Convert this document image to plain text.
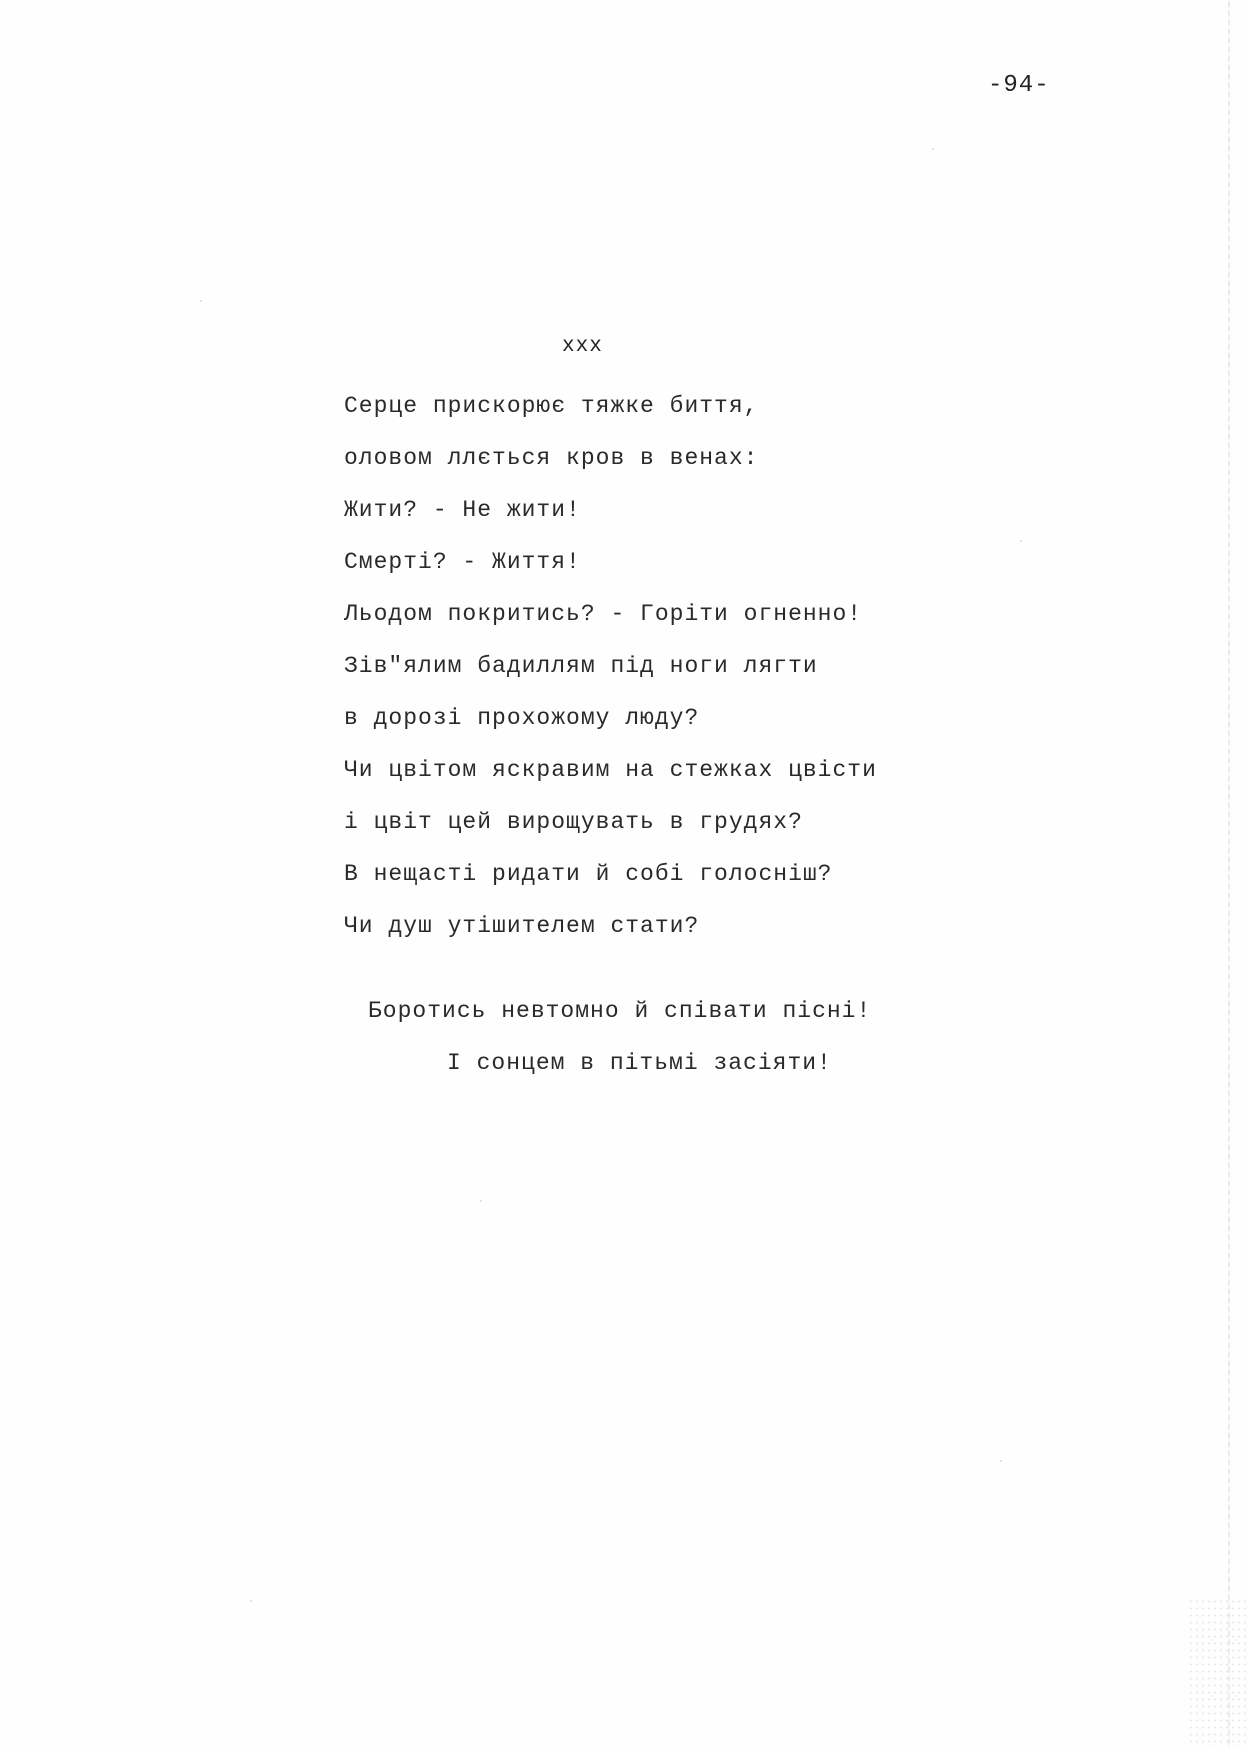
-94-
xxx
Серце прискорює тяжке биття,
оловом ллється кров в венах:
Жити? - Не жити!
Смерті? - Життя!
Льодом покритись? - Горіти огненно!
Зів"ялим бадиллям під ноги лягти
в дорозі прохожому люду?
Чи цвітом яскравим на стежках цвісти
і цвіт цей вирощувать в грудях?
В нещасті ридати й собі голосніш?
Чи душ утішителем стати?
Боротись невтомно й співати пісні!
І сонцем в пітьмі засіяти!
